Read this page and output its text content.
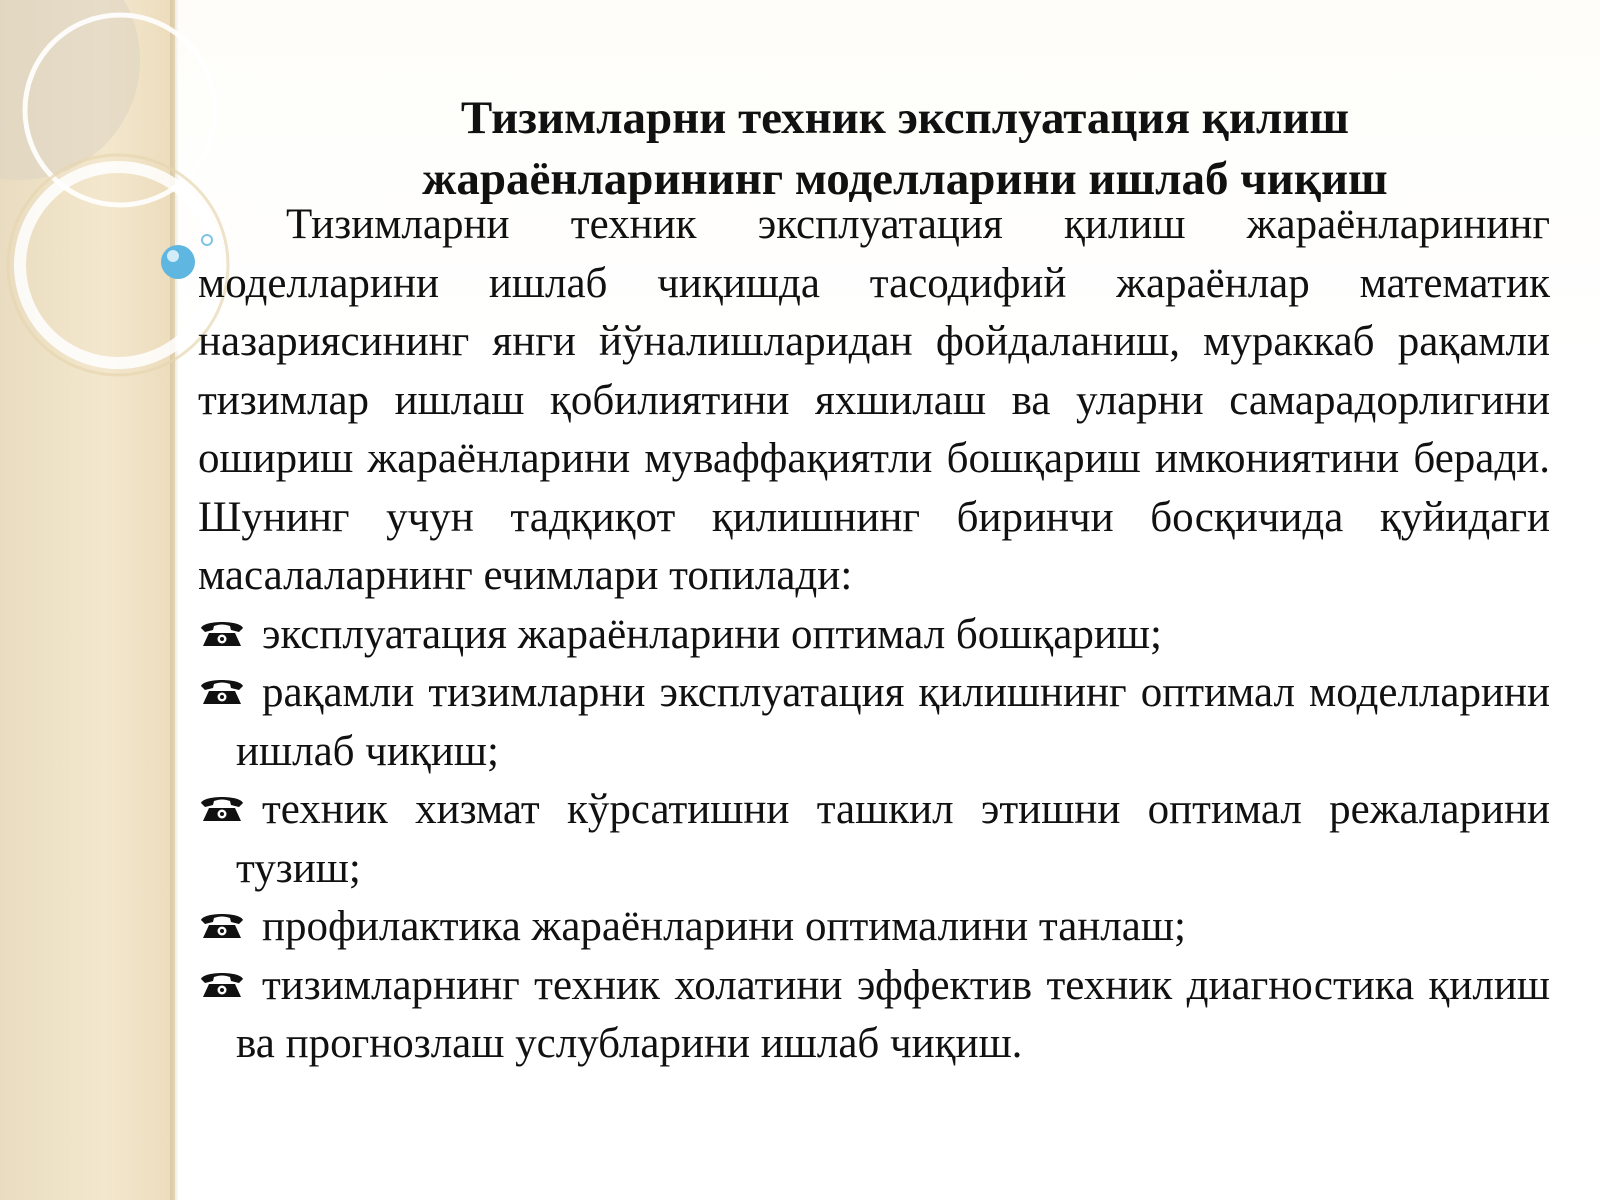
Тизимларни техник эксплуатация қилиш
жараёнларининг моделларини ишлаб чиқиш

Тизимларни техник эксплуатация қилиш жараёнларининг моделларини ишлаб чиқишда тасодифий жараёнлар математик назариясининг янги йўналишларидан фойдаланиш, мураккаб рақамли тизимлар ишлаш қобилиятини яхшилаш ва уларни самарадорлигини ошириш жараёнларини муваффақиятли бошқариш имкониятини беради. Шунинг учун тадқиқот қилишнинг биринчи босқичида қуйидаги масалаларнинг ечимлари топилади:

эксплуатация жараёнларини оптимал бошқариш;
рақамли тизимларни эксплуатация қилишнинг оптимал моделларини ишлаб чиқиш;
техник хизмат кўрсатишни ташкил этишни оптимал режаларини тузиш;
профилактика жараёнларини оптималини танлаш;
тизимларнинг техник холатини эффектив техник диагностика қилиш ва прогнозлаш услубларини ишлаб чиқиш.
